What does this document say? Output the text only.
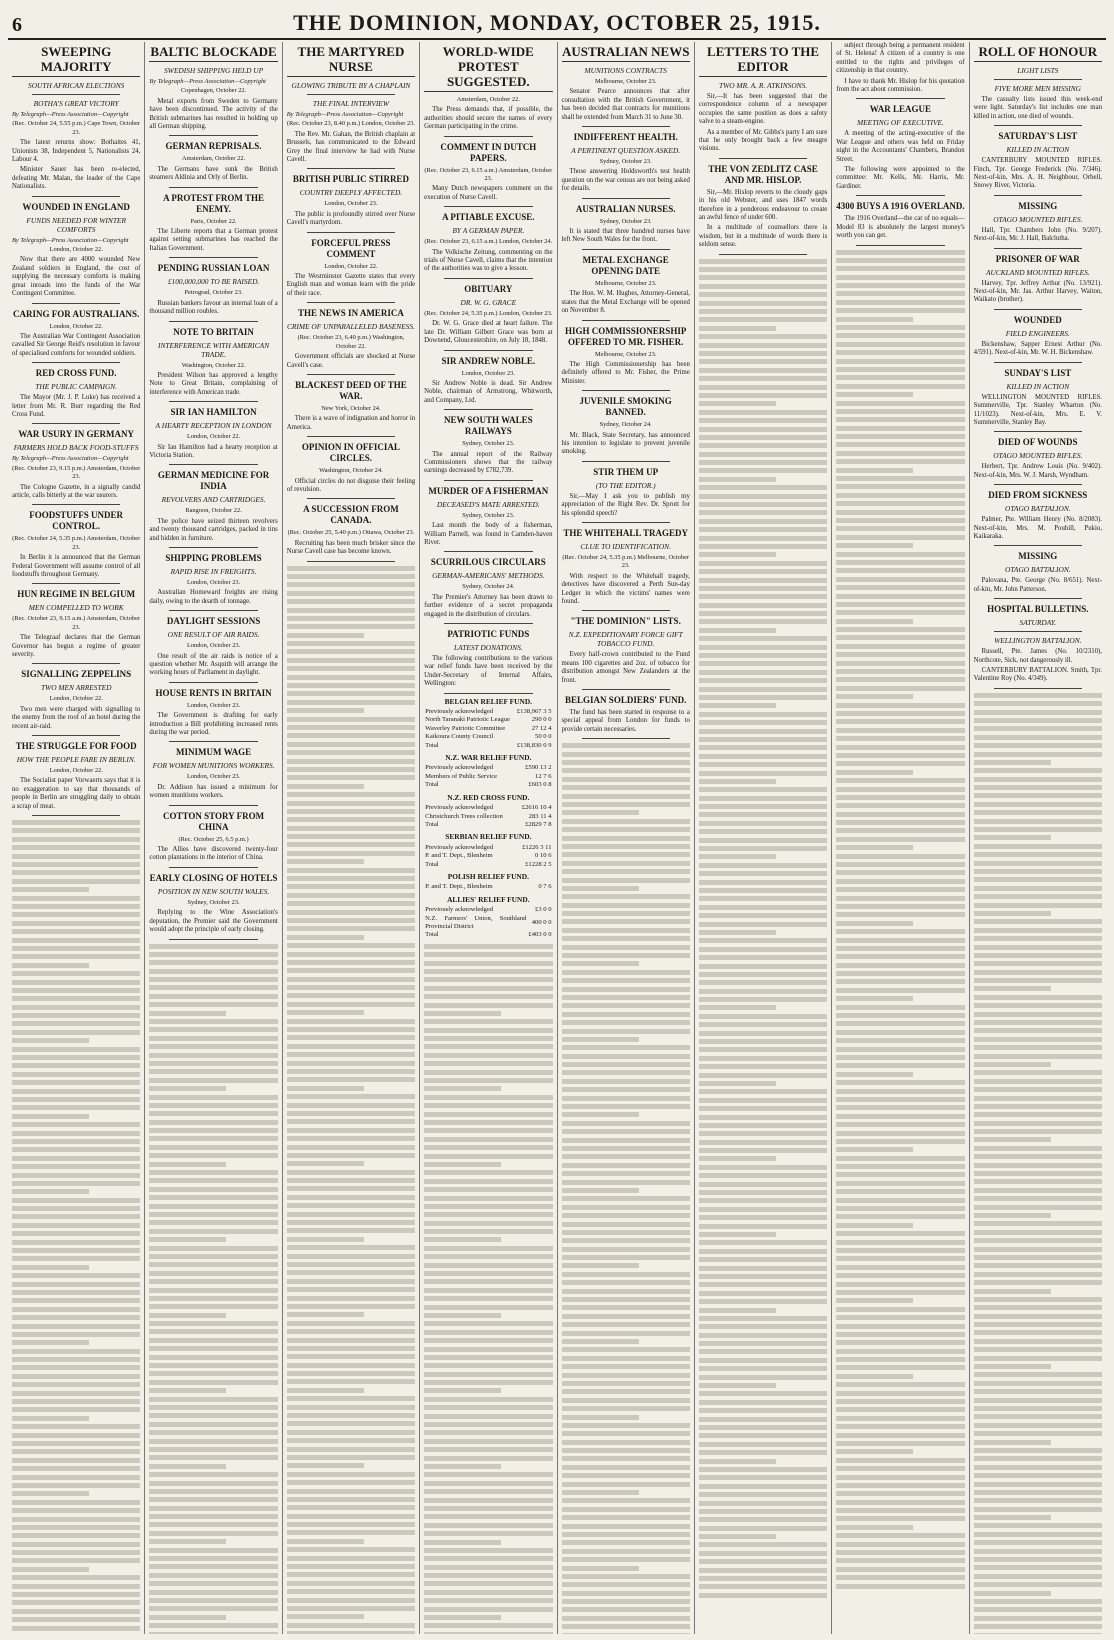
6	THE DOMINION, MONDAY, OCTOBER 25, 1915.
SWEEPING MAJORITY
SOUTH AFRICAN ELECTIONS
BOTHA'S GREAT VICTORY
By Telegraph—Press Association—Copyright
(Rec. October 24, 5.55 p.m.) Cape Town, October 23.

The latest returns show: Bothaites 41, Unionists 38, Independent 5, Nationalists 24, Labour 4.

Minister Sauer has been re-elected, defeating Mr. Malan, the leader of the Cape Nationalists.

WOUNDED IN ENGLAND
FUNDS NEEDED FOR WINTER COMFORTS
By Telegraph—Press Association—Copyright
London, October 22.

Now that there are 4000 wounded New Zealand soldiers in England, the cost of supplying the necessary comforts is making great inroads into the funds of the War Contingent Committee.

CARING FOR AUSTRALIANS.
London, October 22.

The Australian War Contingent Association cavalled Sir George Reid's resolution in favour of specialised comforts for wounded soldiers.

RED CROSS FUND.
THE PUBLIC CAMPAIGN.

The Mayor (Mr. J. P. Luke) has received a letter from Mr. R. Burr regarding the Red Cross Fund.

WAR USURY IN GERMANY
FARMERS HOLD BACK FOOD-STUFFS
By Telegraph—Press Association—Copyright
(Rec. October 23, 9.15 p.m.) Amsterdam, October 23.

The Cologne Gazette, in a signally candid article, calls bitterly at the war usurers.

FOODSTUFFS UNDER CONTROL.
(Rec. October 24, 5.35 p.m.) Amsterdam, October 23.

In Berlin it is announced that the German Federal Government will assume control of all foodstuffs throughout Germany.

HUN REGIME IN BELGIUM
MEN COMPELLED TO WORK
(Rec. October 23, 9.15 a.m.) Amsterdam, October 23.

The Telegraaf declares that the German Governor has begun a regime of greater severity.

SIGNALLING ZEPPELINS
TWO MEN ARRESTED
London, October 22.

Two men were charged with signalling to the enemy from the roof of an hotel during the recent air-raid.

THE STRUGGLE FOR FOOD
HOW THE PEOPLE FARE IN BERLIN.
London, October 22.

The Socialist paper Vorwaerts says that it is no exaggeration to say that thousands of people in Berlin are struggling daily to obtain a scrap of meat.

BALTIC BLOCKADE
SWEDISH SHIPPING HELD UP
By Telegraph—Press Association—Copyright
Copenhagen, October 22.

Metal exports from Sweden to Germany have been discontinued. The activity of the British submarines has resulted in holding up all German shipping.

GERMAN REPRISALS.
Amsterdam, October 22.

The Germans have sunk the British steamers Aldinia and Orly of Berlin.

A PROTEST FROM THE ENEMY.
Paris, October 22.

The Liberte reports that a German protest against setting submarines has reached the Italian Government.

PENDING RUSSIAN LOAN
£100,000,000 TO BE RAISED.
Petrograd, October 23.

Russian bankers favour an internal loan of a thousand million roubles.

NOTE TO BRITAIN
INTERFERENCE WITH AMERICAN TRADE.
Washington, October 22.

President Wilson has approved a lengthy Note to Great Britain, complaining of interference with American trade.

SIR IAN HAMILTON
A HEARTY RECEPTION IN LONDON
London, October 22.

Sir Ian Hamilton had a hearty reception at Victoria Station.

GERMAN MEDICINE FOR INDIA
REVOLVERS AND CARTRIDGES.
Rangoon, October 22.

The police have seized thirteen revolvers and twenty thousand cartridges, packed in tins and hidden in furniture.

SHIPPING PROBLEMS
RAPID RISE IN FREIGHTS.
London, October 23.

Australian Homeward freights are rising daily, owing to the dearth of tonnage.

DAYLIGHT SESSIONS
ONE RESULT OF AIR RAIDS.
London, October 23.

One result of the air raids is notice of a question whether Mr. Asquith will arrange the working hours of Parliament in daylight.

HOUSE RENTS IN BRITAIN
London, October 23.

The Government is drafting for early introduction a Bill prohibiting increased rents during the war period.

MINIMUM WAGE
FOR WOMEN MUNITIONS WORKERS.
London, October 23.

Dr. Addison has issued a minimum for women munitions workers.

COTTON STORY FROM CHINA
(Rec. October 25, 6.5 p.m.)

The Allies have discovered twenty-four cotton plantations in the interior of China.

EARLY CLOSING OF HOTELS
POSITION IN NEW SOUTH WALES.
Sydney, October 23.

Replying to the Wine Association's deputation, the Premier said the Government would adopt the principle of early closing.

THE MARTYRED NURSE
GLOWING TRIBUTE BY A CHAPLAIN
THE FINAL INTERVIEW
By Telegraph—Press Association—Copyright
(Rec. October 23, 8.40 p.m.) London, October 23.

The Rev. Mr. Gahan, the British chaplain at Brussels, has communicated to the Edward Grey the final interview he had with Nurse Cavell.

BRITISH PUBLIC STIRRED
COUNTRY DEEPLY AFFECTED.
London, October 23.

The public is profoundly stirred over Nurse Cavell's martyrdom.

FORCEFUL PRESS COMMENT
London, October 22.

The Westminster Gazette states that every English man and woman learn with the pride of their race.

THE NEWS IN AMERICA
CRIME OF UNPARALLELED BASENESS.
(Rec. October 23, 6.40 p.m.) Washington, October 22.

Government officials are shocked at Nurse Cavell's case.

BLACKEST DEED OF THE WAR.
New York, October 24.

There is a wave of indignation and horror in America.

OPINION IN OFFICIAL CIRCLES.
Washington, October 24.

Official circles do not disguise their feeling of revulsion.

A SUCCESSION FROM CANADA.
(Rec. October 25, 5.40 p.m.) Ottawa, October 23.

Recruiting has been much brisker since the Nurse Cavell case has become known.

WORLD-WIDE PROTEST SUGGESTED.
Amsterdam, October 22.

The Press demands that, if possible, the authorities should secure the names of every German participating in the crime.

COMMENT IN DUTCH PAPERS.
(Rec. October 23, 6.15 a.m.) Amsterdam, October 23.

Many Dutch newspapers comment on the execution of Nurse Cavell.

A PITIABLE EXCUSE.
BY A GERMAN PAPER.
(Rec. October 23, 6.15 a.m.) London, October 24.

The Volkische Zeitung, commenting on the trials of Nurse Cavell, claims that the intention of the authorities was to give a lesson.

OBITUARY
DR. W. G. GRACE
(Rec. October 24, 5.35 p.m.) London, October 23.

Dr. W. G. Grace died at heart failure. The late Dr. William Gilbert Grace was born at Downend, Gloucestershire, on July 18, 1848.

SIR ANDREW NOBLE.
London, October 23.

Sir Andrew Noble is dead. Sir Andrew Noble, chairman of Armstrong, Whitworth, and Company, Ltd.

NEW SOUTH WALES RAILWAYS
Sydney, October 23.

The annual report of the Railway Commissioners shows that the railway earnings decreased by £782,739.

MURDER OF A FISHERMAN
DECEASED'S MATE ARRESTED.
Sydney, October 23.

Last month the body of a fisherman, William Parnell, was found in Camden-haven River.

SCURRILOUS CIRCULARS
GERMAN-AMERICANS' METHODS.
Sydney, October 24.

The Premier's Attorney has been drawn to further evidence of a secret propaganda engaged in the distribution of circulars.

PATRIOTIC FUNDS
LATEST DONATIONS.

The following contributions to the various war relief funds have been received by the Under-Secretary of Internal Affairs, Wellington:

BELGIAN RELIEF FUND.
Previously acknowledged	£138,967 3 5
North Taranaki Patriotic League	290 0 0
Waverley Patriotic Committee	27 12 4
Kaikoura County Council	50 0 0
Total	£138,830 0 9
N.Z. WAR RELIEF FUND.
Previously acknowledged	£590 13 2
Members of Public Service	12 7 6
Total	£603 0 8
N.Z. RED CROSS FUND.
Previously acknowledged	£2616 10 4
Christchurch Trees collection	283 11 4
Total	£2829 7 8
SERBIAN RELIEF FUND.
Previously acknowledged	£1226 3 11
P. and T. Dept., Blenheim	0 10 6
Total	£1228 2 5
POLISH RELIEF FUND.
P. and T. Dept., Blenheim	0 7 6
ALLIES' RELIEF FUND.
Previously acknowledged	£3 0 0
N.Z. Farmers' Union, Southland Provincial District	400 0 0
Total	£403 0 0
AUSTRALIAN NEWS
MUNITIONS CONTRACTS
Melbourne, October 23.

Senator Pearce announces that after consultation with the British Government, it has been decided that contracts for munitions shall be extended from March 31 to June 30.

INDIFFERENT HEALTH.
A PERTINENT QUESTION ASKED.
Sydney, October 23.

Those answering Holdsworth's test health question on the war census are not being asked for details.

AUSTRALIAN NURSES.
Sydney, October 23.

It is stated that three hundred nurses have left New South Wales for the front.

METAL EXCHANGE OPENING DATE
Melbourne, October 23.

The Hon. W. M. Hughes, Attorney-General, states that the Metal Exchange will be opened on November 8.

HIGH COMMISSIONERSHIP OFFERED TO MR. FISHER.
Melbourne, October 23.

The High Commissionership has been definitely offered to Mr. Fisher, the Prime Minister.

JUVENILE SMOKING BANNED.
Sydney, October 24.

Mr. Black, State Secretary, has announced his intention to legislate to prevent juvenile smoking.

STIR THEM UP
(TO THE EDITOR.)

Sir,—May I ask you to publish my appreciation of the Right Rev. Dr. Sprott for his splendid speech?

THE WHITEHALL TRAGEDY
CLUE TO IDENTIFICATION.
(Rec. October 24, 5.35 p.m.) Melbourne, October 23.

With respect to the Whitehall tragedy, detectives have discovered a Perth Sun-day Ledger in which the victims' names were found.

"THE DOMINION" LISTS.
N.Z. EXPEDITIONARY FORCE GIFT TOBACCO FUND.

Every half-crown contributed to the Fund means 100 cigarettes and 2oz. of tobacco for distribution amongst New Zealanders at the front.

BELGIAN SOLDIERS' FUND.

The fund has been started in response to a special appeal from London for funds to provide certain necessaries.

LETTERS TO THE EDITOR
TWO MR. A. R. ATKINSONS.

Sir,—It has been suggested that the correspondence column of a newspaper occupies the same position as does a safety valve to a steam-engine.

As a member of Mr. Gibbs's party I am sure that he only brought back a few meagre visions.

THE VON ZEDLITZ CASE AND MR. HISLOP.

Sir,—Mr. Hislop reverts to the cloudy gaps in his old Webster, and uses 1847 words therefore in a ponderous endeavour to create an awful fence of under 600.

In a multitude of counsellors there is wisdom, but in a multitude of words there is seldom sense.

subject through being a permanent resident of St. Helena! A citizen of a country is one entitled to the rights and privileges of citizenship in that country.

I have to thank Mr. Hislop for his quotation from the act about commission.

WAR LEAGUE
MEETING OF EXECUTIVE.

A meeting of the acting-executive of the War League and others was held on Friday night in the Accountants' Chambers, Brandon Street.

The following were appointed to the committee: Mr. Kells, Mr. Harris, Mr. Gardiner.

4300 BUYS A 1916 OVERLAND.

The 1916 Overland—the car of no equals—Model 83 is absolutely the largest money's worth you can get.

ROLL OF HONOUR
LIGHT LISTS
FIVE MORE MEN MISSING

The casualty lists issued this week-end were light. Saturday's list includes one man killed in action, one died of wounds.

SATURDAY'S LIST
KILLED IN ACTION

CANTERBURY MOUNTED RIFLES. Finch, Tpr. George Frederick (No. 7/346). Next-of-kin, Mrs. A. H. Neighbour, Orbell, Snowy River, Victoria.

MISSING
OTAGO MOUNTED RIFLES.

Hall, Tpr. Chambers John (No. 9/207). Next-of-kin, Mr. J. Hall, Balclutha.

PRISONER OF WAR
AUCKLAND MOUNTED RIFLES.

Harvey, Tpr. Jeffrey Arthur (No. 13/921). Next-of-kin, Mr. Jas. Arthur Harvey, Waiton, Waikato (brother).

WOUNDED
FIELD ENGINEERS.

Bickenshaw, Sapper Ernest Arthur (No. 4/591). Next-of-kin, Mr. W. H. Bickenshaw.

SUNDAY'S LIST
KILLED IN ACTION

WELLINGTON MOUNTED RIFLES. Summerville, Tpr. Stanley Wharton (No. 11/1023). Next-of-kin, Mrs. E. V. Summerville, Stanley Bay.

DIED OF WOUNDS
OTAGO MOUNTED RIFLES.

Herbert, Tpr. Andrew Louis (No. 9/402). Next-of-kin, Mrs. W. J. Marsh, Wyndham.

DIED FROM SICKNESS
OTAGO BATTALION.

Palmer, Pte. William Henry (No. 8/2083). Next-of-kin, Mrs. M. Pouhill, Pukio, Kaikaraka.

MISSING
OTAGO BATTALION.

Palovana, Pte. George (No. 8/651). Next-of-kin, Mr. John Patterson.

HOSPITAL BULLETINS.
SATURDAY.
WELLINGTON BATTALION.

Russell, Pte. James (No. 10/2310), Northcote, Sick, not dangerously ill.

CANTERBURY BATTALION. Smith, Tpr. Valentine Roy (No. 4/349).
